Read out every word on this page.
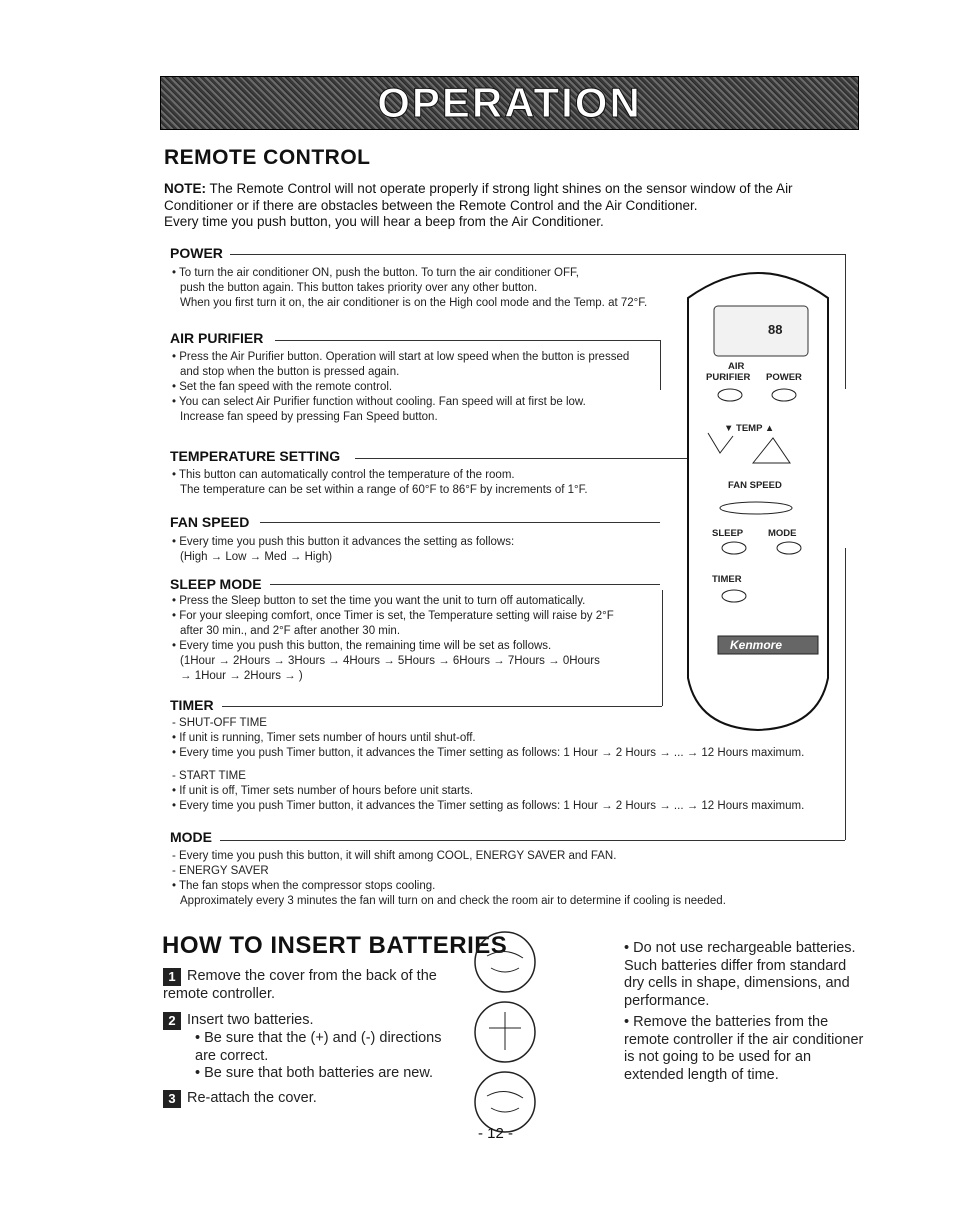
OPERATION
REMOTE CONTROL
NOTE: The Remote Control will not operate properly if strong light shines on the sensor window of the Air Conditioner or if there are obstacles between the Remote Control and the Air Conditioner.
Every time you push button, you will hear a beep from the Air Conditioner.
POWER

• To turn the air conditioner ON, push the button. To turn the air conditioner OFF,

push the button again. This button takes priority over any other button.

When you first turn it on, the air conditioner is on the High cool mode and the Temp. at 72°F.

AIR PURIFIER

• Press the Air Purifier button. Operation will start at low speed when the button is pressed

and stop when the button is pressed again.

• Set the fan speed with the remote control.

• You can select Air Purifier function without cooling. Fan speed will at first be low.

Increase fan speed by pressing Fan Speed button.

TEMPERATURE SETTING

• This button can automatically control the temperature of the room.

The temperature can be set within a range of 60°F to 86°F by increments of 1°F.

FAN SPEED

• Every time you push this button it advances the setting as follows:

(High → Low → Med → High)

SLEEP MODE

• Press the Sleep button to set the time you want the unit to turn off automatically.

• For your sleeping comfort, once Timer is set, the Temperature setting will raise by 2°F

after 30 min., and 2°F after another 30 min.

• Every time you push this button, the remaining time will be set as follows.

(1Hour → 2Hours → 3Hours → 4Hours → 5Hours → 6Hours → 7Hours → 0Hours

→ 1Hour → 2Hours → )

TIMER

- SHUT-OFF TIME

• If unit is running, Timer sets number of hours until shut-off.

• Every time you push Timer button, it advances the Timer setting as follows: 1 Hour → 2 Hours → ... → 12 Hours maximum.

- START TIME

• If unit is off, Timer sets number of hours before unit starts.

• Every time you push Timer button, it advances the Timer setting as follows: 1 Hour → 2 Hours → ... → 12 Hours maximum.

MODE

- Every time you push this button, it will shift among COOL, ENERGY SAVER and FAN.

- ENERGY SAVER

• The fan stops when the compressor stops cooling.

Approximately every 3 minutes the fan will turn on and check the room air to determine if cooling is needed.

88
AIR
PURIFIER POWER
▼ TEMP ▲
FAN SPEED
SLEEP	MODE
TIMER
Kenmore
HOW TO INSERT BATTERIES
1 Remove the cover from the back of the remote controller.
2 Insert two batteries.
• Be sure that the (+) and (-) directions are correct.
• Be sure that both batteries are new.
3 Re-attach the cover.
• Do not use rechargeable batteries. Such batteries differ from standard dry cells in shape, dimensions, and performance.
• Remove the batteries from the remote controller if the air conditioner is not going to be used for an extended length of time.
- 12 -
